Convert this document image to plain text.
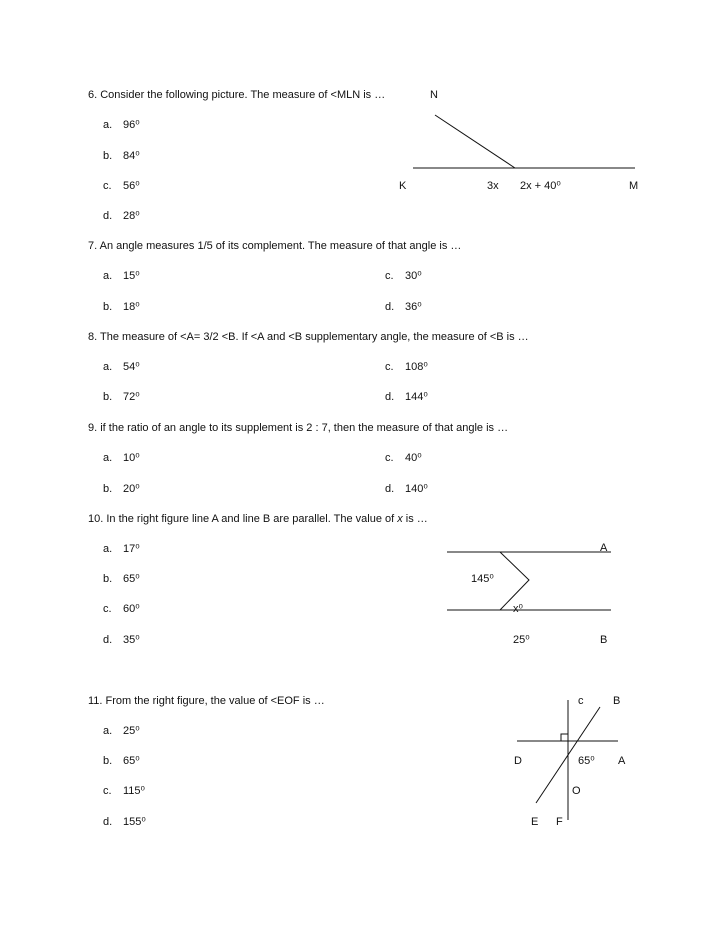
6. Consider the following picture. The measure of <MLN is …
a. 96⁰
b. 84⁰
c. 56⁰
d. 28⁰
N
K	3x 2x + 40⁰	M
7. An angle measures 1/5 of its complement. The measure of that angle is …
a. 15⁰
b. 18⁰
c. 30⁰
d. 36⁰
8. The measure of <A= 3/2 <B. If <A and <B supplementary angle, the measure of <B is …
a. 54⁰
b. 72⁰
c. 108⁰
d. 144⁰
9. if the ratio of an angle to its supplement is 2 : 7, then the measure of that angle is …
a. 10⁰
b. 20⁰
c. 40⁰
d. 140⁰
10. In the right figure line A and line B are parallel. The value of x is …
a. 17⁰
b. 65⁰
c. 60⁰
d. 35⁰
A
145⁰
x⁰
25⁰	B
11. From the right figure, the value of <EOF is …
a. 25⁰
b. 65⁰
c. 115⁰
d. 155⁰
c	B
D	65⁰ A
O
E F
